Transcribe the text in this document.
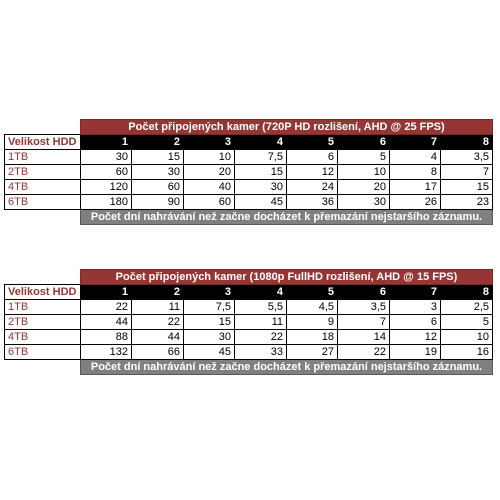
	Počet připojených kamer (720P HD rozlišení, AHD @ 25 FPS)							
Velikost HDD	1	2	3	4	5	6	7	8
1TB	30	15	10	7,5	6	5	4	3,5
2TB	60	30	20	15	12	10	8	7
4TB	120	60	40	30	24	20	17	15
6TB	180	90	60	45	36	30	26	23
	Počet dní nahrávání než začne docházet k přemazání nejstaršího záznamu.							
	Počet připojených kamer (1080p FullHD rozlišení, AHD @ 15 FPS)							
Velikost HDD	1	2	3	4	5	6	7	8
1TB	22	11	7,5	5,5	4,5	3,5	3	2,5
2TB	44	22	15	11	9	7	6	5
4TB	88	44	30	22	18	14	12	10
6TB	132	66	45	33	27	22	19	16
	Počet dní nahrávání než začne docházet k přemazání nejstaršího záznamu.							
